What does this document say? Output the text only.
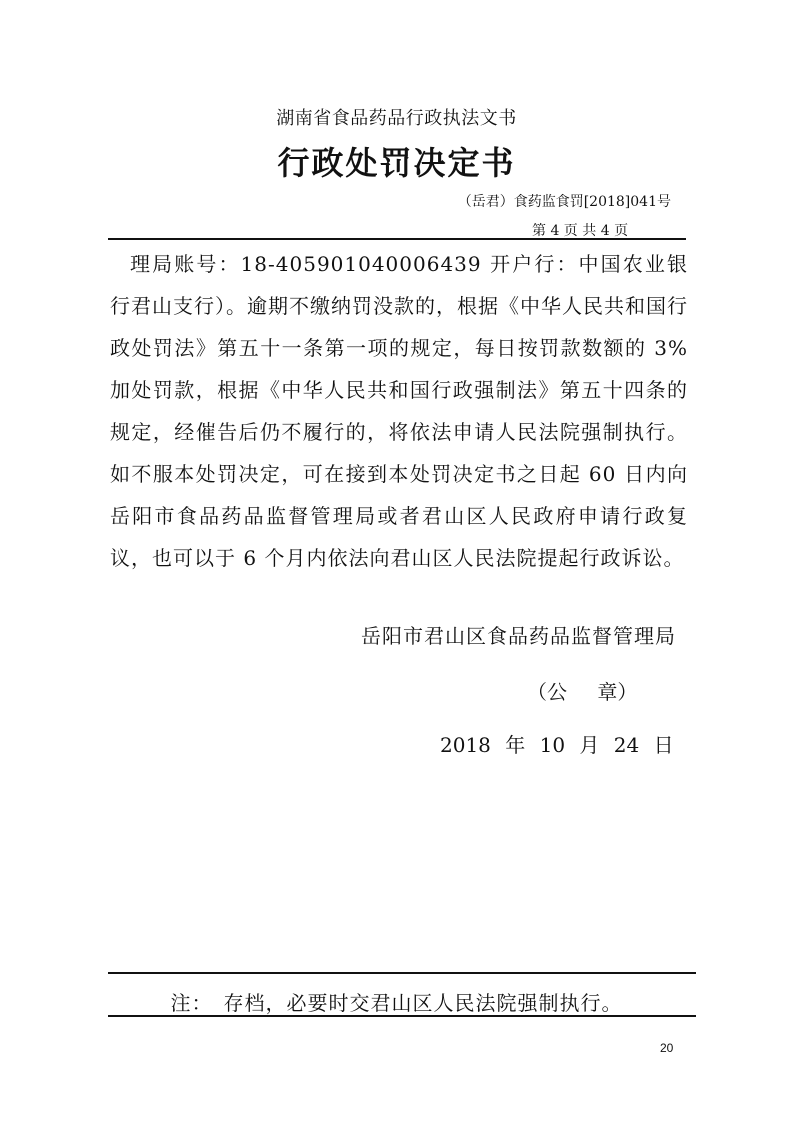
湖南省食品药品行政执法文书
行政处罚决定书
（岳君）食药监食罚[2018]041号
第 4 页 共 4 页
理局账号：18-405901040006439 开户行：中国农业银行君山支行）。逾期不缴纳罚没款的，根据《中华人民共和国行政处罚法》第五十一条第一项的规定，每日按罚款数额的 3%加处罚款，根据《中华人民共和国行政强制法》第五十四条的规定，经催告后仍不履行的，将依法申请人民法院强制执行。如不服本处罚决定，可在接到本处罚决定书之日起 60 日内向岳阳市食品药品监督管理局或者君山区人民政府申请行政复议，也可以于 6 个月内依法向君山区人民法院提起行政诉讼。
岳阳市君山区食品药品监督管理局
（公 章）
2018 年 10 月 24 日
注：　存档，必要时交君山区人民法院强制执行。
20
